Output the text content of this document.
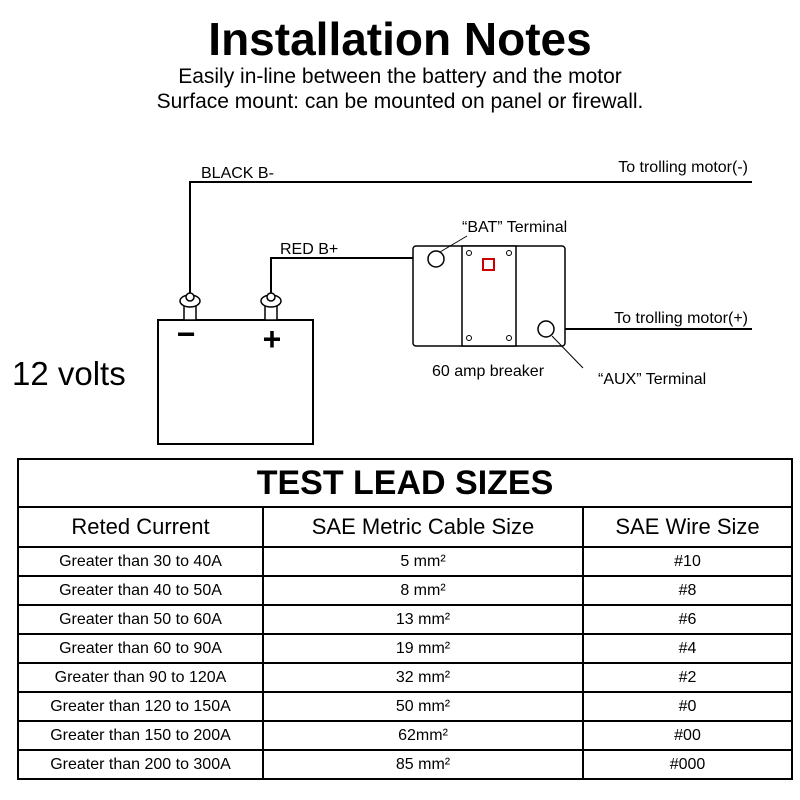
Installation Notes
Easily in-line between the battery and the motor
Surface mount: can be mounted on panel or firewall.
− +
BLACK B-
RED B+
To trolling motor(-)
To trolling motor(+)
“BAT” Terminal
“AUX” Terminal
60 amp breaker
12 volts
TEST LEAD SIZES		
Reted Current	SAE Metric Cable Size	SAE Wire Size
Greater than 30 to 40A	5 mm²	#10
Greater than 40 to 50A	8 mm²	#8
Greater than 50 to 60A	13 mm²	#6
Greater than 60 to 90A	19 mm²	#4
Greater than 90 to 120A	32 mm²	#2
Greater than 120 to 150A	50 mm²	#0
Greater than 150 to 200A	62mm²	#00
Greater than 200 to 300A	85 mm²	#000
